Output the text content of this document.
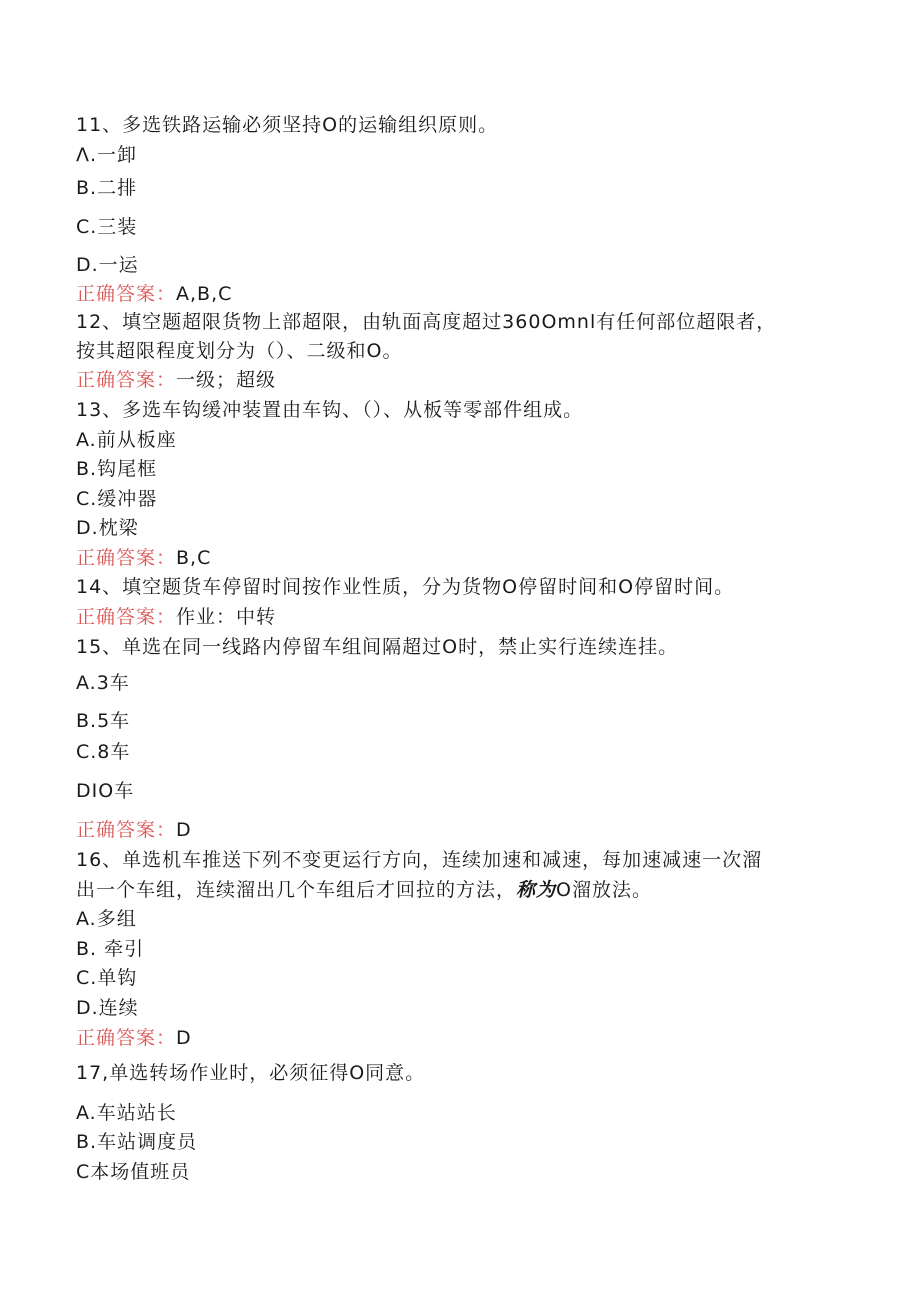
11、多选铁路运输必须坚持O的运输组织原则。
Λ.一卸
B.二排
C.三装
D.一运
正确答案：A,B,C
12、填空题超限货物上部超限，由轨面高度超过360Omnl有任何部位超限者，
按其超限程度划分为（）、二级和O。
正确答案：一级；超级
13、多选车钩缓冲装置由车钩、（）、从板等零部件组成。
A.前从板座
B.钩尾框
C.缓冲器
D.枕梁
正确答案：B,C
14、填空题货车停留时间按作业性质，分为货物O停留时间和O停留时间。
正确答案：作业：中转
15、单选在同一线路内停留车组间隔超过O时，禁止实行连续连挂。
A.3车
B.5车
C.8车
DIO车
正确答案：D
16、单选机车推送下列不变更运行方向，连续加速和减速，每加速减速一次溜
出一个车组，连续溜出几个车组后才回拉的方法，称为O溜放法。
A.多组
B. 牵引
C.单钩
D.连续
正确答案：D
17,单选转场作业时，必须征得O同意。
A.车站站长
B.车站调度员
C本场值班员
